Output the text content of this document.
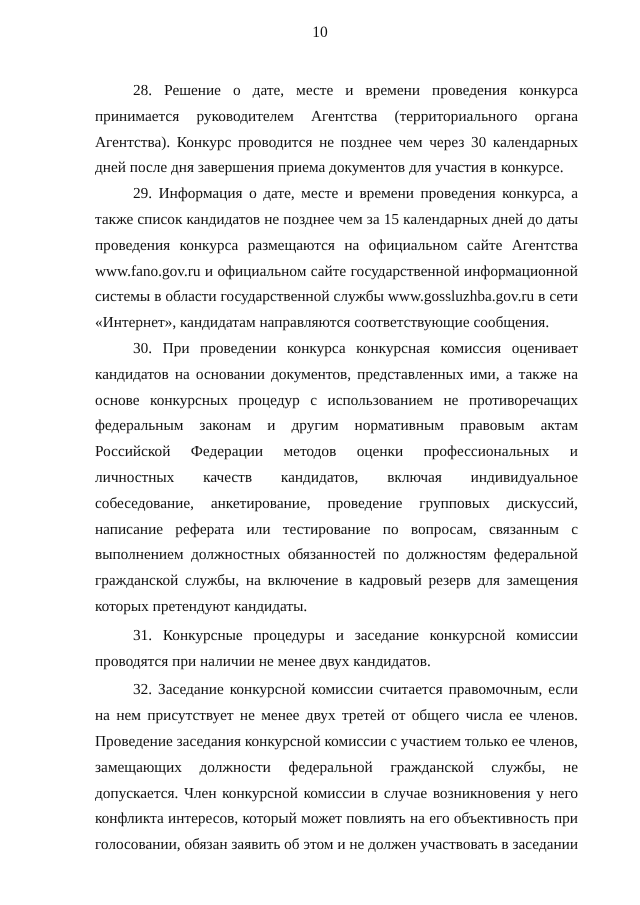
10

28. Решение о дате, месте и времени проведения конкурса принимается руководителем Агентства (территориального органа Агентства). Конкурс проводится не позднее чем через 30 календарных дней после дня завершения приема документов для участия в конкурсе.

29. Информация о дате, месте и времени проведения конкурса, а также список кандидатов не позднее чем за 15 календарных дней до даты проведения конкурса размещаются на официальном сайте Агентства www.fano.gov.ru и официальном сайте государственной информационной системы в области государственной службы www.gossluzhba.gov.ru в сети «Интернет», кандидатам направляются соответствующие сообщения.

30. При проведении конкурса конкурсная комиссия оценивает кандидатов на основании документов, представленных ими, а также на основе конкурсных процедур с использованием не противоречащих федеральным законам и другим нормативным правовым актам Российской Федерации методов оценки профессиональных и личностных качеств кандидатов, включая индивидуальное собеседование, анкетирование, проведение групповых дискуссий, написание реферата или тестирование по вопросам, связанным с выполнением должностных обязанностей по должностям федеральной гражданской службы, на включение в кадровый резерв для замещения которых претендуют кандидаты.

31. Конкурсные процедуры и заседание конкурсной комиссии проводятся при наличии не менее двух кандидатов.

32. Заседание конкурсной комиссии считается правомочным, если на нем присутствует не менее двух третей от общего числа ее членов. Проведение заседания конкурсной комиссии с участием только ее членов, замещающих должности федеральной гражданской службы, не допускается. Член конкурсной комиссии в случае возникновения у него конфликта интересов, который может повлиять на его объективность при голосовании, обязан заявить об этом и не должен участвовать в заседании
